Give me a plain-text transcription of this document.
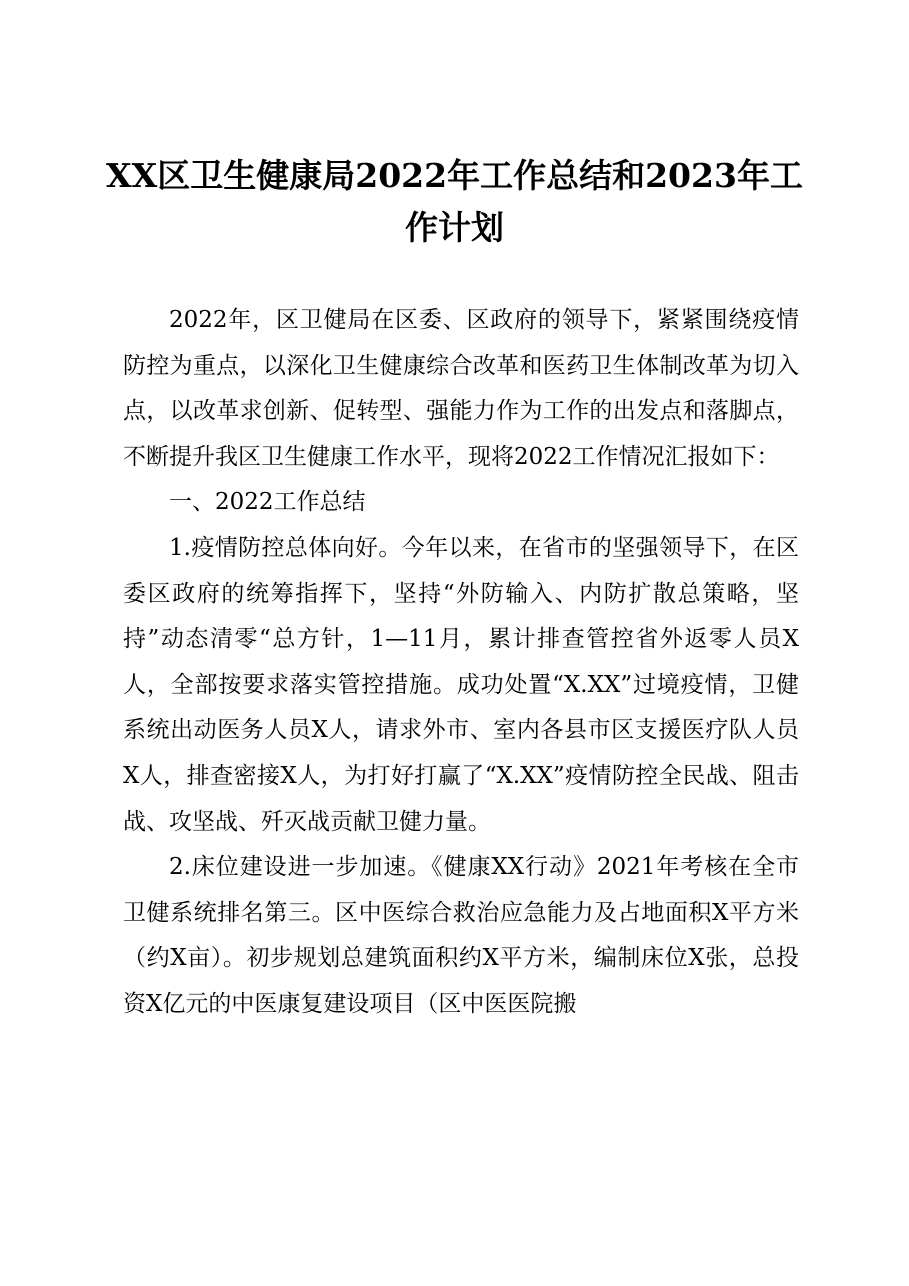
XX区卫生健康局2022年工作总结和2023年工作计划

2022年，区卫健局在区委、区政府的领导下，紧紧围绕疫情防控为重点，以深化卫生健康综合改革和医药卫生体制改革为切入点，以改革求创新、促转型、强能力作为工作的出发点和落脚点，不断提升我区卫生健康工作水平，现将2022工作情况汇报如下：

一、2022工作总结

1.疫情防控总体向好。今年以来，在省市的坚强领导下，在区委区政府的统筹指挥下，坚持“外防输入、内防扩散总策略，坚持”动态清零“总方针，1—11月，累计排查管控省外返零人员X人，全部按要求落实管控措施。成功处置“X.XX”过境疫情，卫健系统出动医务人员X人，请求外市、室内各县市区支援医疗队人员X人，排查密接X人，为打好打赢了“X.XX”疫情防控全民战、阻击战、攻坚战、歼灭战贡献卫健力量。

2.床位建设进一步加速。《健康XX行动》2021年考核在全市卫健系统排名第三。区中医综合救治应急能力及占地面积X平方米（约X亩）。初步规划总建筑面积约X平方米，编制床位X张，总投资X亿元的中医康复建设项目（区中医医院搬
